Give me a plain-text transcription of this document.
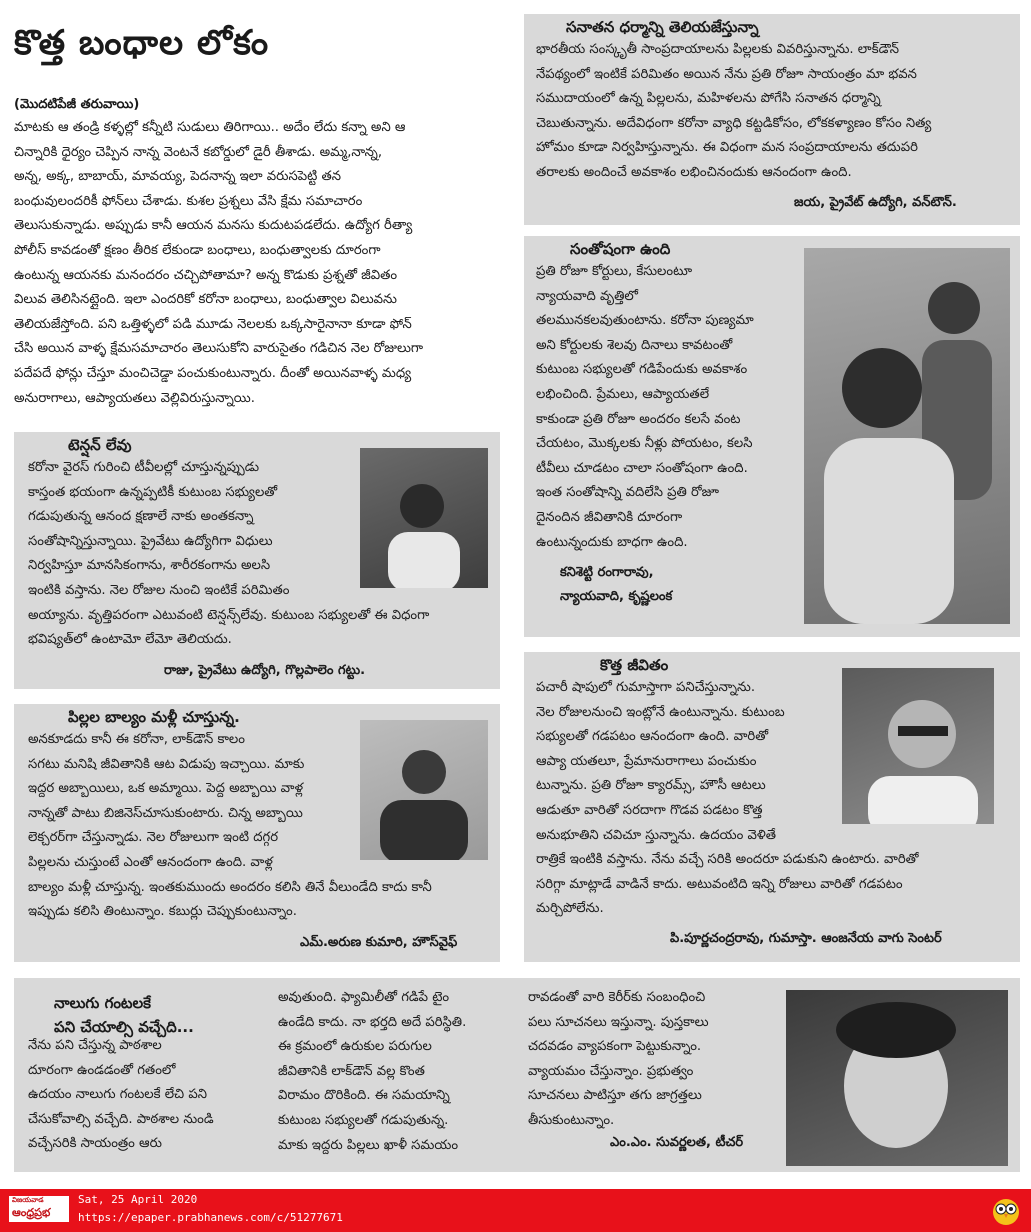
కొత్త బంధాల లోకం
(మొదటిపేజీ తరువాయి)
మాటకు ఆ తండ్రి కళ్ళల్లో కన్నీటి సుడులు తిరిగాయి.. అదేం లేదు కన్నా అని ఆ
చిన్నారికి ధైర్యం చెప్పిన నాన్న వెంటనే కబోర్డులో డైరీ తీశాడు. అమ్మ,నాన్న,
అన్న, అక్క, బాబాయ్, మావయ్య, పెదనాన్న ఇలా వరుసపెట్టి తన
బంధువులందరికీ ఫోన్‌లు చేశాడు. కుశల ప్రశ్నలు వేసి క్షేమ సమాచారం
తెలుసుకున్నాడు. అప్పుడు కానీ ఆయన మనసు కుదుటపడలేదు. ఉద్యోగ రీత్యా
పోలీస్ కావడంతో క్షణం తీరిక లేకుండా బంధాలు, బంధుత్వాలకు దూరంగా
ఉంటున్న ఆయనకు మనందరం చచ్చిపోతామా? అన్న కొడుకు ప్రశ్నతో జీవితం
విలువ తెలిసినట్లైంది. ఇలా ఎందరికో కరోనా బంధాలు, బంధుత్వాల విలువను
తెలియజేస్తోంది. పని ఒత్తిళ్ళలో పడి మూడు నెలలకు ఒక్కసారైనానా కూడా ఫోన్
చేసి అయిన వాళ్ళ క్షేమసమాచారం తెలుసుకోని వారుసైతం గడిచిన నెల రోజులుగా
పదేపదే ఫోన్లు చేస్తూ మంచిచెడ్డా పంచుకుంటున్నారు. దీంతో అయినవాళ్ళ మధ్య
అనురాగాలు, ఆప్యాయతలు వెల్లివిరుస్తున్నాయి.
టెన్షన్ లేవు
కరోనా వైరస్ గురించి టీవీలల్లో చూస్తున్నప్పుడు
కాస్తంత భయంగా ఉన్నప్పటికీ కుటుంబ సభ్యులతో
గడుపుతున్న ఆనంద క్షణాలే నాకు అంతకన్నా
సంతోషాన్నిస్తున్నాయి. ప్రైవేటు ఉద్యోగిగా విధులు
నిర్వహిస్తూ మానసికంగాను, శారీరకంగాను అలసి
ఇంటికి వస్తాను. నెల రోజుల నుంచి ఇంటికే పరిమితం
అయ్యాను. వృత్తిపరంగా ఎటువంటి టెన్షన్స్‌లేవు. కుటుంబ సభ్యులతో ఈ విధంగా
భవిష్యత్‌లో ఉంటామో లేమో తెలియదు.
రాజు, ప్రైవేటు ఉద్యోగి, గొల్లపాలెం గట్టు.
పిల్లల బాల్యం మళ్లీ చూస్తున్న.
అనకూడదు కానీ ఈ కరోనా, లాక్‌డౌన్ కాలం
సగటు మనిషి జీవితానికి ఆట విడుపు ఇచ్చాయి. మాకు
ఇద్దర అబ్బాయిలు, ఒక అమ్మాయి. పెద్ద అబ్బాయి వాళ్ల
నాన్నతో పాటు బిజినెస్‌చూసుకుంటారు. చిన్న అబ్బాయి
లెక్చరర్‌గా చేస్తున్నాడు. నెల రోజులుగా ఇంటి దగ్గర
పిల్లలను చుస్తుంటే ఎంతో ఆనందంగా ఉంది. వాళ్ల
బాల్యం మళ్లీ చూస్తున్న. ఇంతకుముందు అందరం కలిసి తినే వీలుండేది కాదు కానీ
ఇప్పుడు కలిసి తింటున్నాం. కబుర్లు చెప్పుకుంటున్నాం.
ఎమ్.అరుణ కుమారి, హౌస్‌వైఫ్
సనాతన ధర్మాన్ని తెలియజేస్తున్నా
భారతీయ సంస్కృతీ సాంప్రదాయాలను పిల్లలకు వివరిస్తున్నాను. లాక్‌డౌన్
నేపథ్యంలో ఇంటికే పరిమితం అయిన నేను ప్రతి రోజూ సాయంత్రం మా భవన
సముదాయంలో ఉన్న పిల్లలను, మహిళలను పోగేసి సనాతన ధర్మాన్ని
చెబుతున్నాను. అదేవిధంగా కరోనా వ్యాధి కట్టడికోసం, లోకకళ్యాణం కోసం నిత్య
హోమం కూడా నిర్వహిస్తున్నాను. ఈ విధంగా మన సంప్రదాయాలను తదుపరి
తరాలకు అందించే అవకాశం లభించినందుకు ఆనందంగా ఉంది.
జయ, ప్రైవేట్ ఉద్యోగి, వన్‌టౌన్.
సంతోషంగా ఉంది
ప్రతి రోజూ కోర్టులు, కేసులంటూ
న్యాయవాది వృత్తిలో
తలమునకలవుతుంటాను. కరోనా పుణ్యమా
అని కోర్టులకు శెలవు దినాలు కావటంతో
కుటుంబ సభ్యులతో గడిపేందుకు అవకాశం
లభించింది. ప్రేమలు, ఆప్యాయతలే
కాకుండా ప్రతి రోజూ అందరం కలసే వంట
చేయటం, మొక్కలకు నీళ్లు పోయటం, కలసి
టీవీలు చూడటం చాలా సంతోషంగా ఉంది.
ఇంత సంతోషాన్ని వదిలేసి ప్రతి రోజూ
దైనందిన జీవితానికి దూరంగా
ఉంటున్నందుకు బాధగా ఉంది.
కనిశెట్టి రంగారావు,
న్యాయవాది, కృష్ణలంక
కొత్త జీవితం
పచారీ షాపులో గుమాస్తాగా పనిచేస్తున్నాను.
నెల రోజులనుంచి ఇంట్లోనే ఉంటున్నాను. కుటుంబ
సభ్యులతో గడపటం ఆనందంగా ఉంది. వారితో
ఆప్యా యతలూ, ప్రేమానురాగాలు పంచుకుం
టున్నాను. ప్రతి రోజూ క్యారమ్స్, హౌసీ ఆటలు
ఆడుతూ వారితో సరదాగా గొడవ పడటం కొత్త
అనుభూతిని చవిచూ స్తున్నాను. ఉదయం వెళితే
రాత్రికే ఇంటికి వస్తాను. నేను వచ్చే సరికి అందరూ పడుకుని ఉంటారు. వారితో
సరిగ్గా మాట్లాడే వాడినే కాదు. అటువంటిది ఇన్ని రోజులు వారితో గడపటం
మర్చిపోలేను.
పి.పూర్ణచంద్రరావు, గుమాస్తా. ఆంజనేయ వాగు సెంటర్
నాలుగు గంటలకే
పని చేయాల్సి వచ్చేది...
నేను పని చేస్తున్న పాఠశాల
దూరంగా ఉండడంతో గతంలో
ఉదయం నాలుగు గంటలకే లేచి పని
చేసుకోవాల్సి వచ్చేది. పాఠశాల నుండి
వచ్చేసరికి సాయంత్రం ఆరు
అవుతుంది. ఫ్యామిలీతో గడిపే టైం
ఉండేది కాదు. నా భర్తది అదే పరిస్థితి.
ఈ క్రమంలో ఉరుకుల పరుగుల
జీవితానికి లాక్‌డౌన్ వల్ల కొంత
విరామం దొరికింది. ఈ సమయాన్ని
కుటుంబ సభ్యులతో గడుపుతున్న.
మాకు ఇద్దరు పిల్లలు ఖాళీ సమయం
రావడంతో వారి కెరీర్‌కు సంబంధించి
పలు సూచనలు ఇస్తున్నా. పుస్తకాలు
చదవడం వ్యాపకంగా పెట్టుకున్నాం.
వ్యాయమం చేస్తున్నాం. ప్రభుత్వం
సూచనలు పాటిస్తూ తగు జాగ్రత్తలు
తీసుకుంటున్నాం.
ఎం.ఎం. సువర్ణలత, టీచర్
విజయవాడ
ఆంధ్రప్రభ
Sat, 25 April 2020
https://epaper.prabhanews.com/c/51277671
